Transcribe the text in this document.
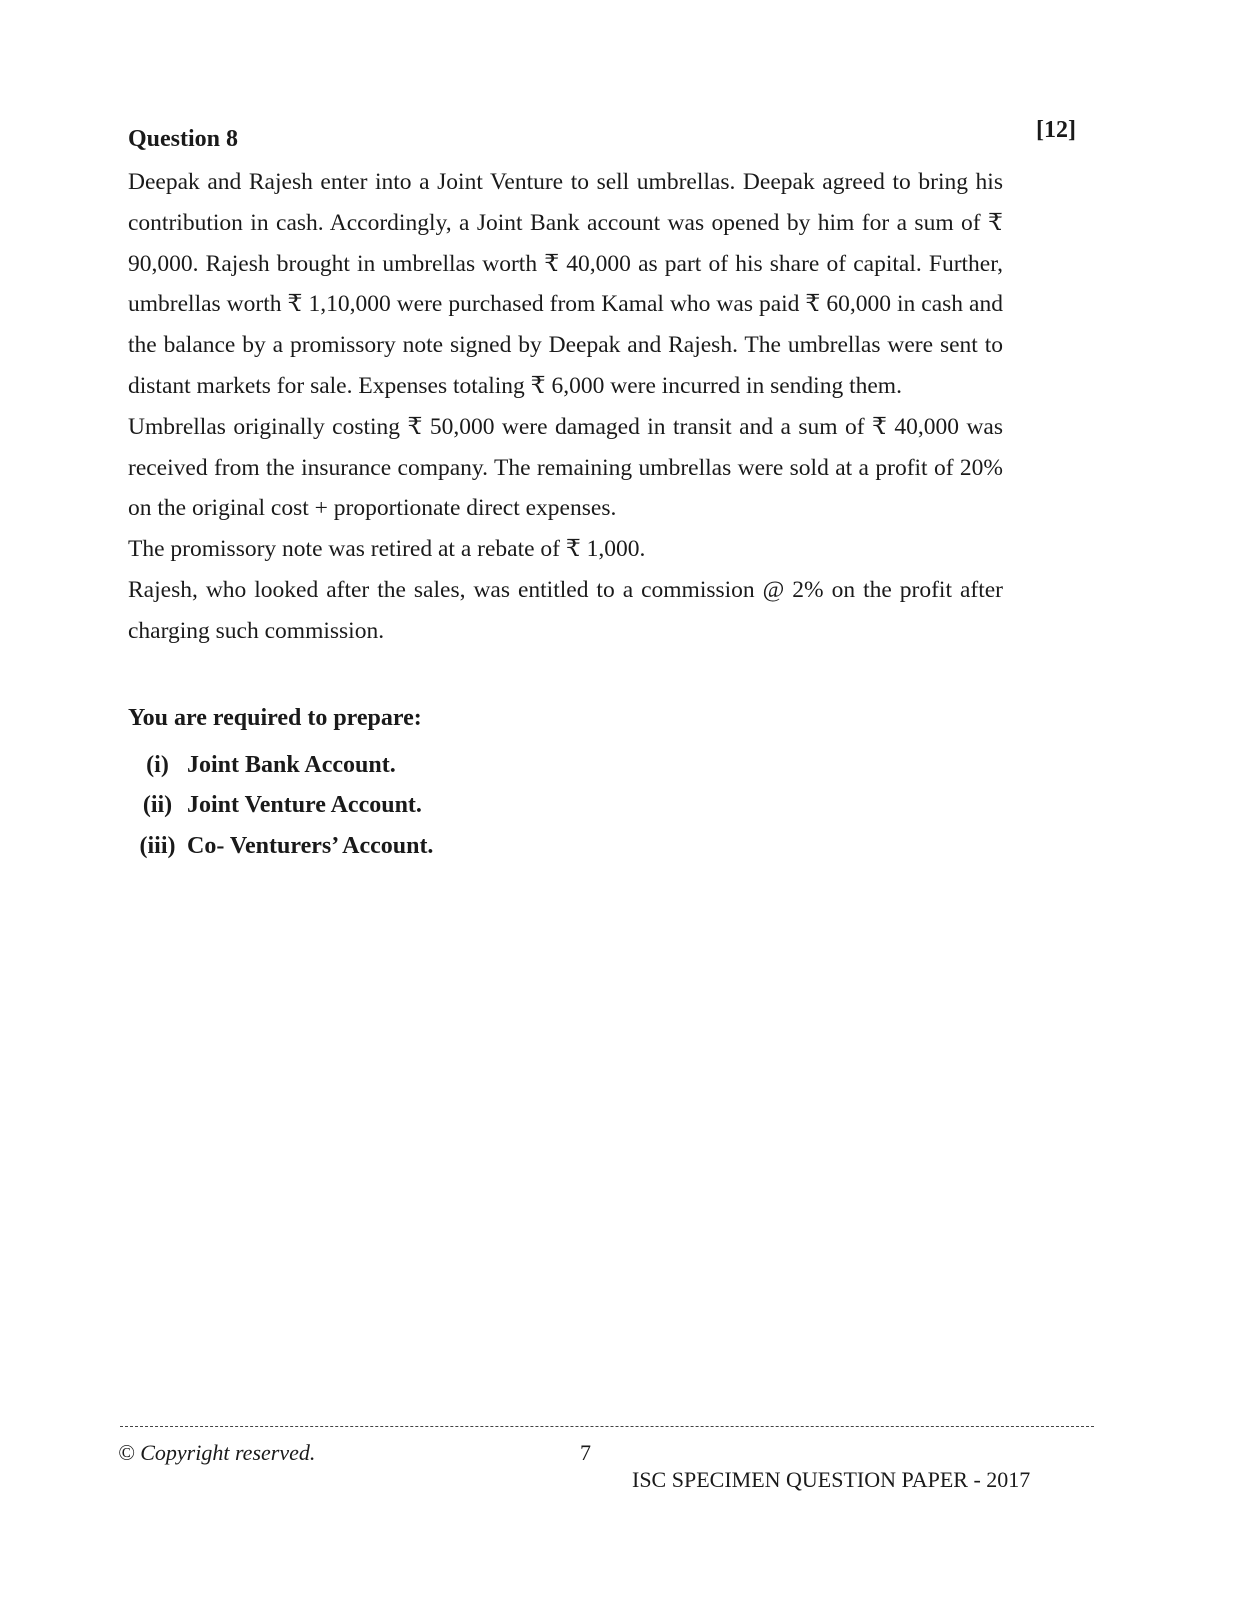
[12]
Question 8

Deepak and Rajesh enter into a Joint Venture to sell umbrellas. Deepak agreed to bring his contribution in cash. Accordingly, a Joint Bank account was opened by him for a sum of ₹ 90,000. Rajesh brought in umbrellas worth ₹ 40,000 as part of his share of capital. Further, umbrellas worth ₹ 1,10,000 were purchased from Kamal who was paid ₹ 60,000 in cash and the balance by a promissory note signed by Deepak and Rajesh. The umbrellas were sent to distant markets for sale. Expenses totaling ₹ 6,000 were incurred in sending them.

Umbrellas originally costing ₹ 50,000 were damaged in transit and a sum of ₹ 40,000 was received from the insurance company. The remaining umbrellas were sold at a profit of 20% on the original cost + proportionate direct expenses.

The promissory note was retired at a rebate of ₹ 1,000.

Rajesh, who looked after the sales, was entitled to a commission @ 2% on the profit after charging such commission.

You are required to prepare:
(i) Joint Bank Account.
(ii) Joint Venture Account.
(iii) Co- Venturers’ Account.
© Copyright reserved.	7
ISC SPECIMEN QUESTION PAPER - 2017
